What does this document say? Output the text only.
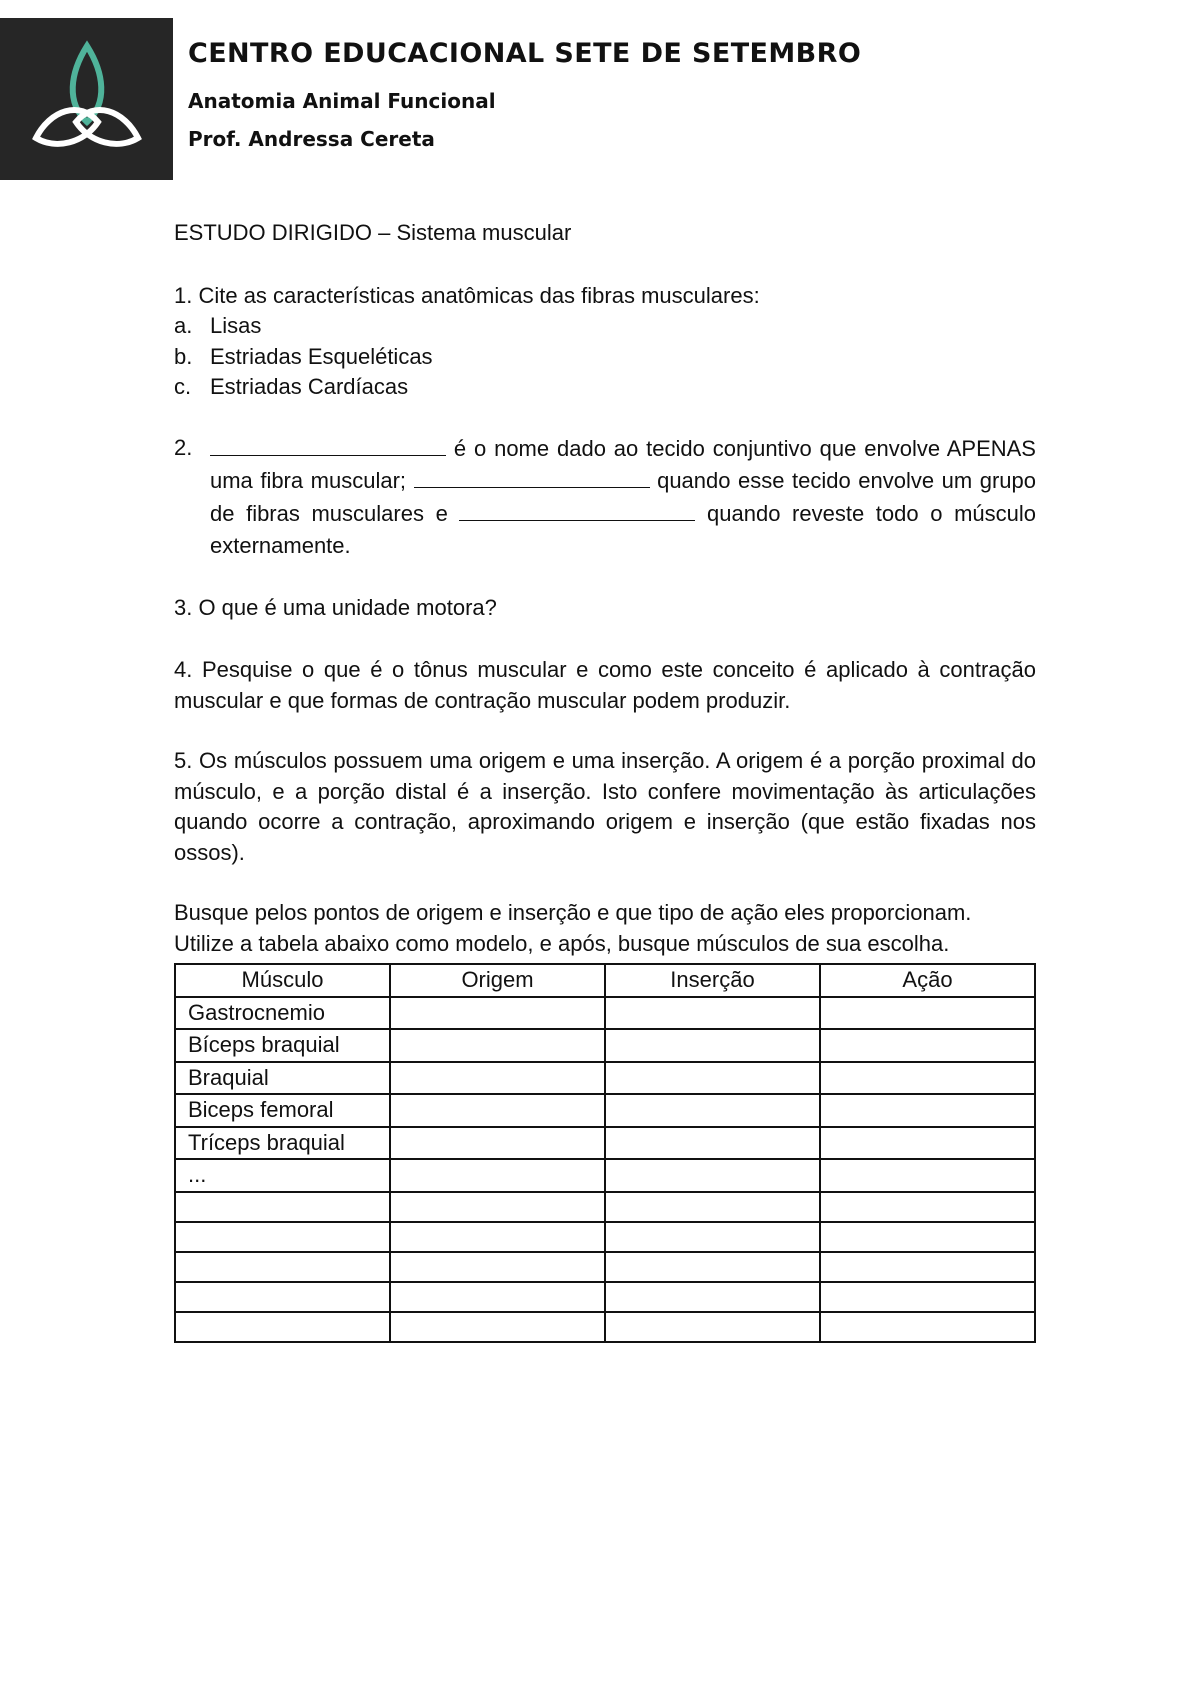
CENTRO EDUCACIONAL SETE DE SETEMBRO
Anatomia Animal Funcional
Prof. Andressa Cereta

ESTUDO DIRIGIDO – Sistema muscular

1. Cite as características anatômicas das fibras musculares:

a. Lisas
b. Estriadas Esqueléticas
c. Estriadas Cardíacas
2.	é o nome dado ao tecido conjuntivo que envolve APENAS uma fibra muscular;	quando esse tecido envolve um grupo de fibras musculares e	quando reveste todo o músculo externamente.

3. O que é uma unidade motora?

4. Pesquise o que é o tônus muscular e como este conceito é aplicado à contração muscular e que formas de contração muscular podem produzir.

5. Os músculos possuem uma origem e uma inserção. A origem é a porção proximal do músculo, e a porção distal é a inserção. Isto confere movimentação às articulações quando ocorre a contração, aproximando origem e inserção (que estão fixadas nos ossos).

Busque pelos pontos de origem e inserção e que tipo de ação eles proporcionam. Utilize a tabela abaixo como modelo, e após, busque músculos de sua escolha.

Músculo	Origem	Inserção	Ação
Gastrocnemio			
Bíceps braquial			
Braquial			
Biceps femoral			
Tríceps braquial			
...			
